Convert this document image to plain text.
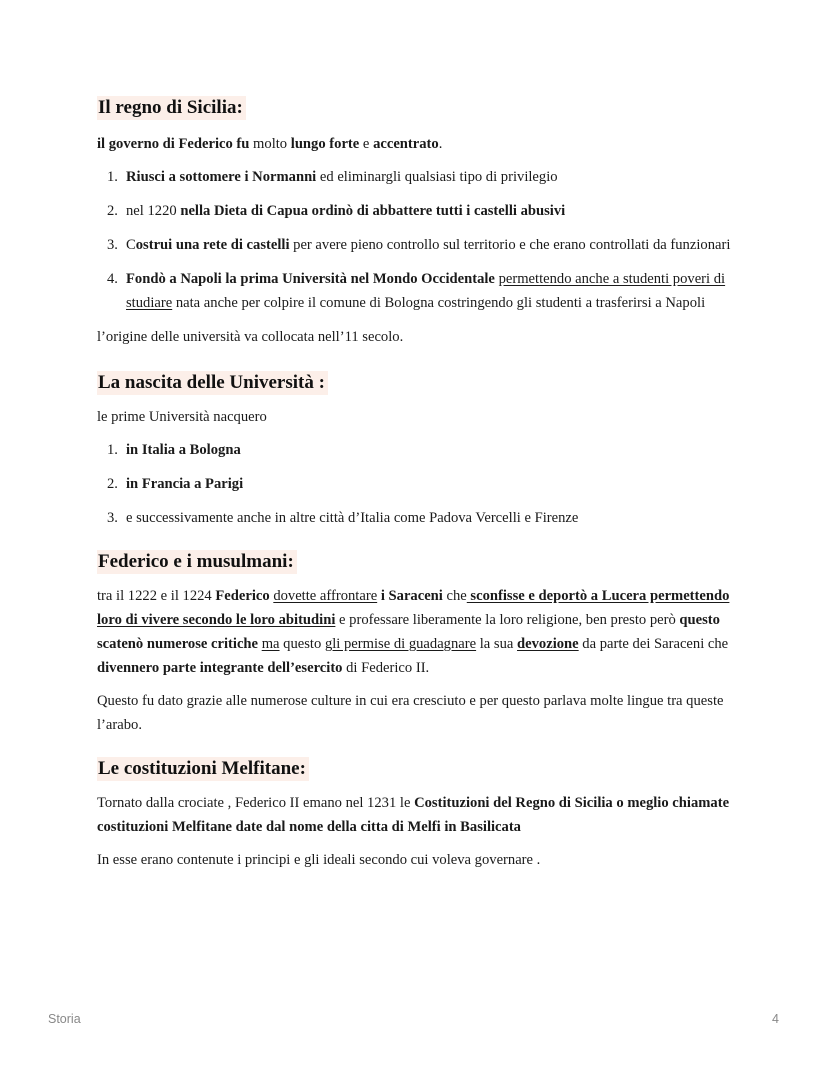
Il regno di Sicilia:

il governo di Federico fu molto lungo forte e accentrato.

1. Riusci a sottomere i Normanni ed eliminargli qualsiasi tipo di privilegio
2. nel 1220 nella Dieta di Capua ordinò di abbattere tutti i castelli abusivi
3. Costrui una rete di castelli per avere pieno controllo sul territorio e che erano controllati da funzionari
4. Fondò a Napoli la prima Università nel Mondo Occidentale permettendo anche a studenti poveri di studiare nata anche per colpire il comune di Bologna costringendo gli studenti a trasferirsi a Napoli

l’origine delle università va collocata nell’11 secolo.

La nascita delle Università :

le prime Università nacquero

1. in Italia a Bologna
2. in Francia a Parigi
3. e successivamente anche in altre città d’Italia come Padova Vercelli e Firenze
Federico e i musulmani:

tra il 1222 e il 1224 Federico dovette affrontare i Saraceni che sconfisse e deportò a Lucera permettendo loro di vivere secondo le loro abitudini e professare liberamente la loro religione, ben presto però questo scatenò numerose critiche ma questo gli permise di guadagnare la sua devozione da parte dei Saraceni che divennero parte integrante dell’esercito di Federico II.

Questo fu dato grazie alle numerose culture in cui era cresciuto e per questo parlava molte lingue tra queste l’arabo.

Le costituzioni Melfitane:

Tornato dalla crociate , Federico II emano nel 1231 le Costituzioni del Regno di Sicilia o meglio chiamate costituzioni Melfitane date dal nome della citta di Melfi in Basilicata

In esse erano contenute i principi e gli ideali secondo cui voleva governare .

Storia	4
